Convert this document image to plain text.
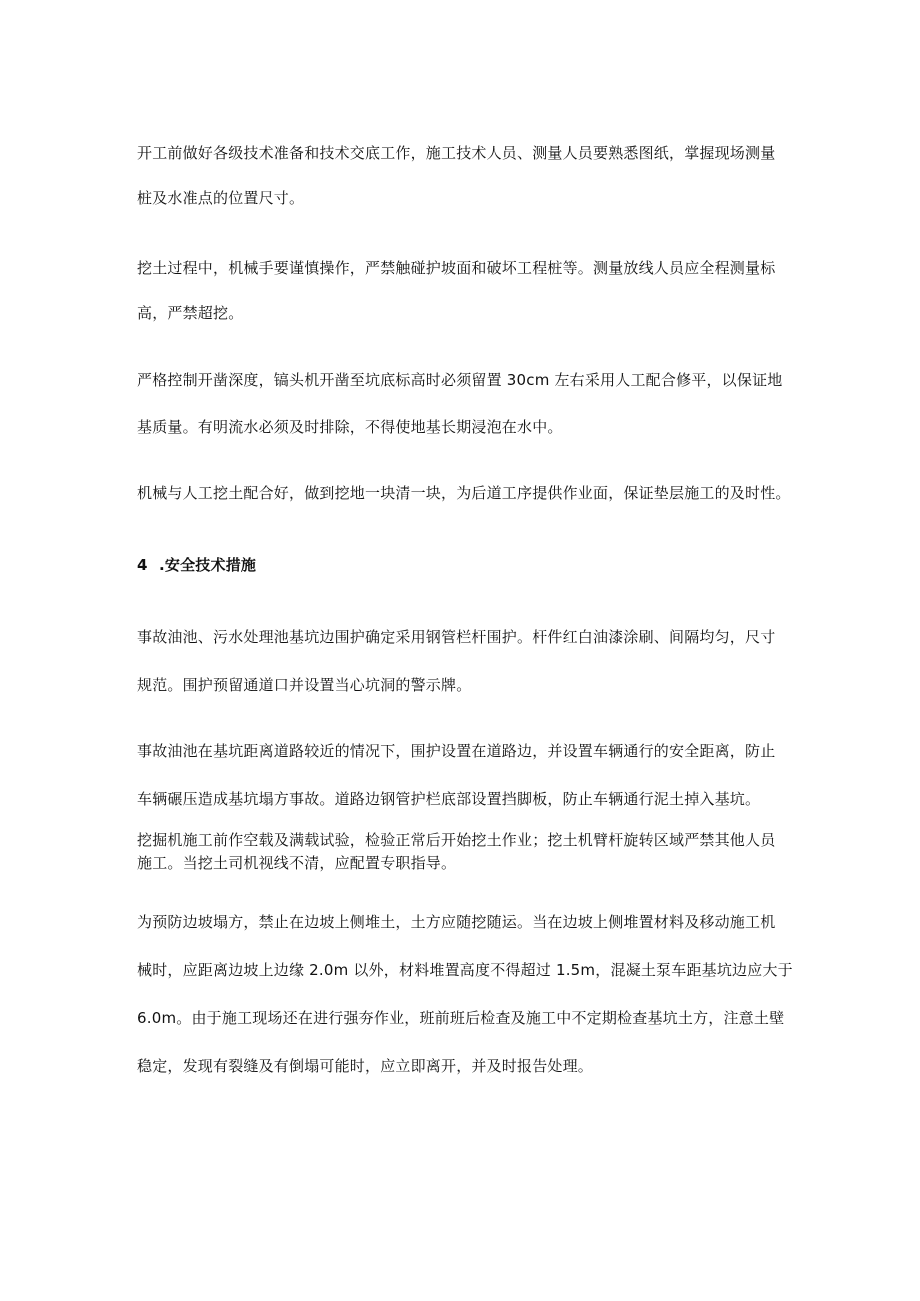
开工前做好各级技术准备和技术交底工作，施工技术人员、测量人员要熟悉图纸，掌握现场测量
桩及水准点的位置尺寸。
挖土过程中，机械手要谨慎操作，严禁触碰护坡面和破坏工程桩等。测量放线人员应全程测量标
高，严禁超挖。
严格控制开凿深度，镐头机开凿至坑底标高时必须留置 30cm 左右采用人工配合修平，以保证地
基质量。有明流水必须及时排除，不得使地基长期浸泡在水中。
机械与人工挖土配合好，做到挖地一块清一块，为后道工序提供作业面，保证垫层施工的及时性。
4 .安全技术措施
事故油池、污水处理池基坑边围护确定采用钢管栏杆围护。杆件红白油漆涂刷、间隔均匀，尺寸
规范。围护预留通道口并设置当心坑洞的警示牌。
事故油池在基坑距离道路较近的情况下，围护设置在道路边，并设置车辆通行的安全距离，防止
车辆碾压造成基坑塌方事故。道路边钢管护栏底部设置挡脚板，防止车辆通行泥土掉入基坑。
挖掘机施工前作空载及满载试验，检验正常后开始挖土作业；挖土机臂杆旋转区域严禁其他人员
施工。当挖土司机视线不清，应配置专职指导。
为预防边坡塌方，禁止在边坡上侧堆土，土方应随挖随运。当在边坡上侧堆置材料及移动施工机
械时，应距离边坡上边缘 2.0m 以外，材料堆置高度不得超过 1.5m，混凝土泵车距基坑边应大于
6.0m。由于施工现场还在进行强夯作业，班前班后检查及施工中不定期检查基坑土方，注意土壁
稳定，发现有裂缝及有倒塌可能时，应立即离开，并及时报告处理。
